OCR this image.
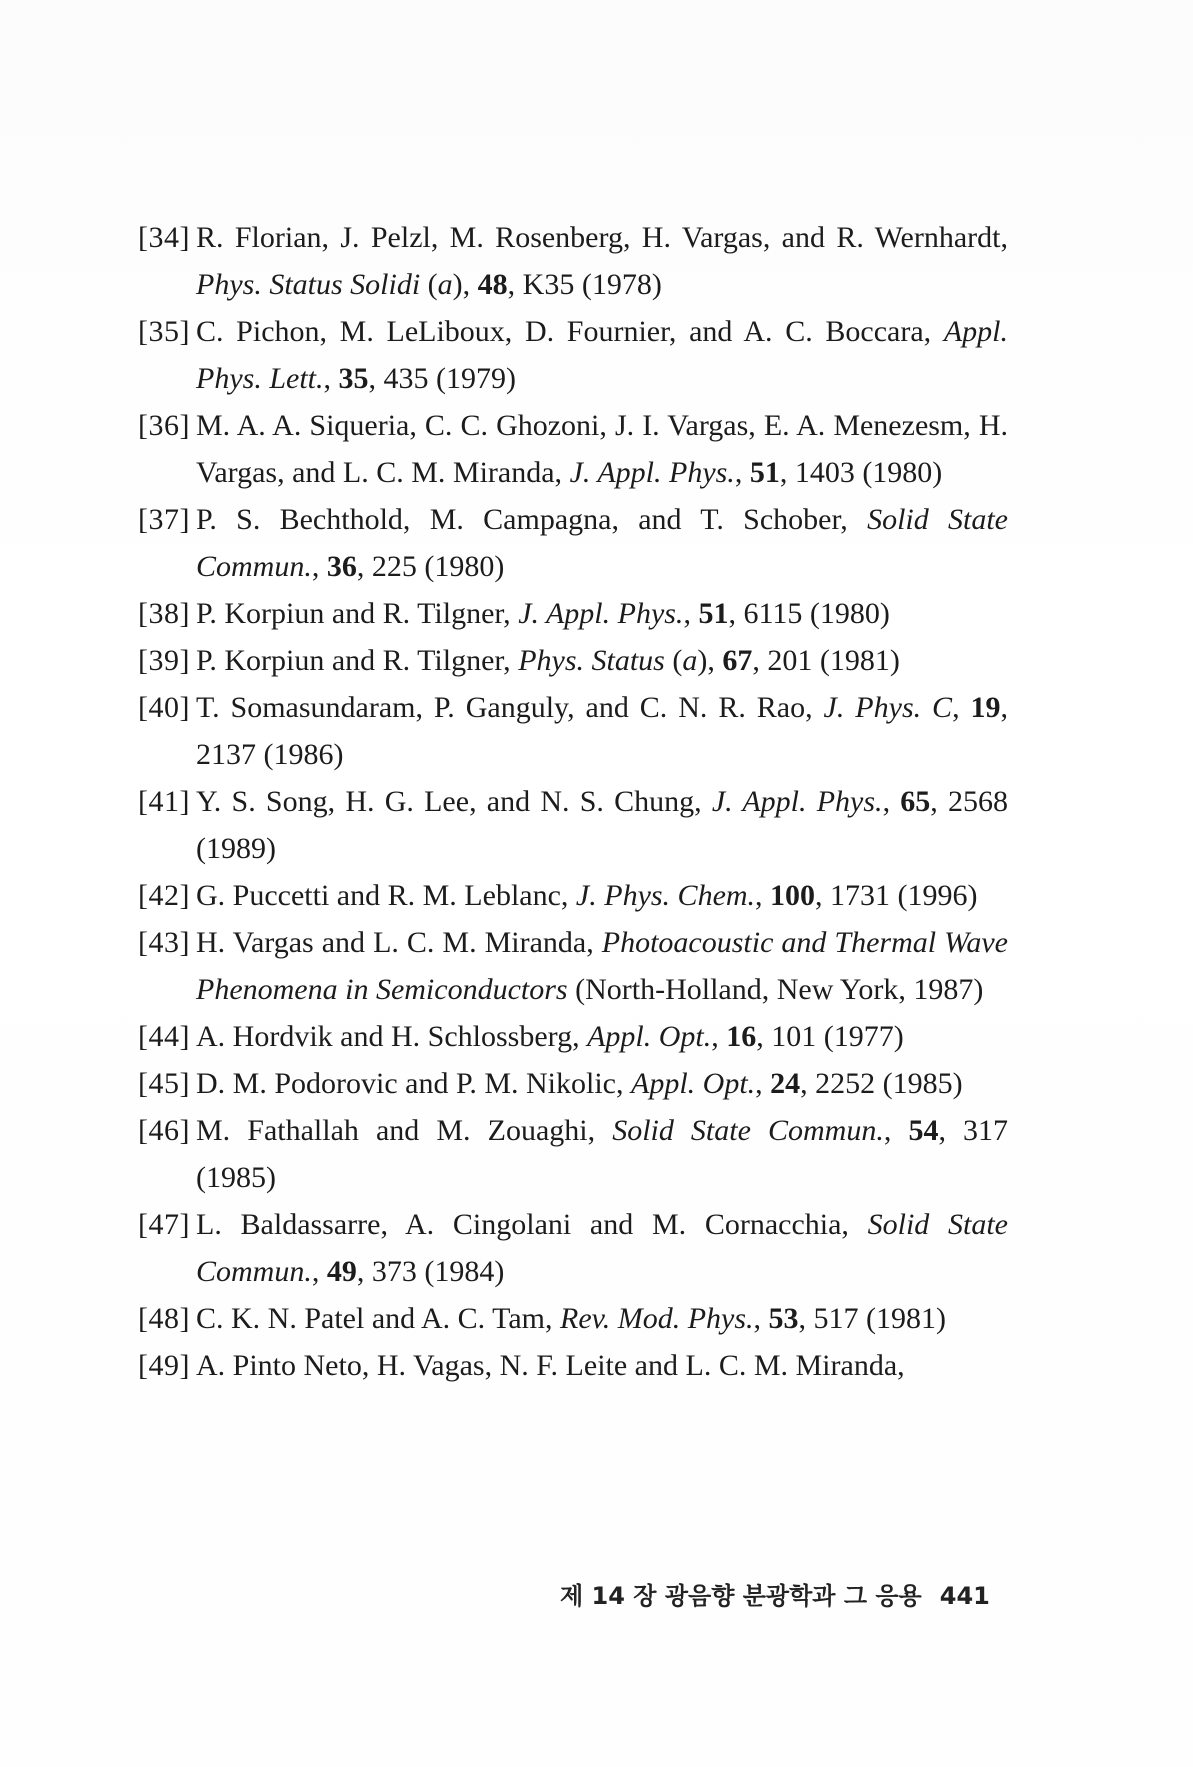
[34] R. Florian, J. Pelzl, M. Rosenberg, H. Vargas, and R. Wernhardt, Phys. Status Solidi (a), 48, K35 (1978)
[35] C. Pichon, M. LeLiboux, D. Fournier, and A. C. Boccara, Appl. Phys. Lett., 35, 435 (1979)
[36] M. A. A. Siqueria, C. C. Ghozoni, J. I. Vargas, E. A. Menezesm, H. Vargas, and L. C. M. Miranda, J. Appl. Phys., 51, 1403 (1980)
[37] P. S. Bechthold, M. Campagna, and T. Schober, Solid State Commun., 36, 225 (1980)
[38] P. Korpiun and R. Tilgner, J. Appl. Phys., 51, 6115 (1980)
[39] P. Korpiun and R. Tilgner, Phys. Status (a), 67, 201 (1981)
[40] T. Somasundaram, P. Ganguly, and C. N. R. Rao, J. Phys. C, 19, 2137 (1986)
[41] Y. S. Song, H. G. Lee, and N. S. Chung, J. Appl. Phys., 65, 2568 (1989)
[42] G. Puccetti and R. M. Leblanc, J. Phys. Chem., 100, 1731 (1996)
[43] H. Vargas and L. C. M. Miranda, Photoacoustic and Thermal Wave Phenomena in Semiconductors (North-Holland, New York, 1987)
[44] A. Hordvik and H. Schlossberg, Appl. Opt., 16, 101 (1977)
[45] D. M. Podorovic and P. M. Nikolic, Appl. Opt., 24, 2252 (1985)
[46] M. Fathallah and M. Zouaghi, Solid State Commun., 54, 317 (1985)
[47] L. Baldassarre, A. Cingolani and M. Cornacchia, Solid State Commun., 49, 373 (1984)
[48] C. K. N. Patel and A. C. Tam, Rev. Mod. Phys., 53, 517 (1981)
[49] A. Pinto Neto, H. Vagas, N. F. Leite and L. C. M. Miranda,
제 14 장 광음향 분광학과 그 응용 441
